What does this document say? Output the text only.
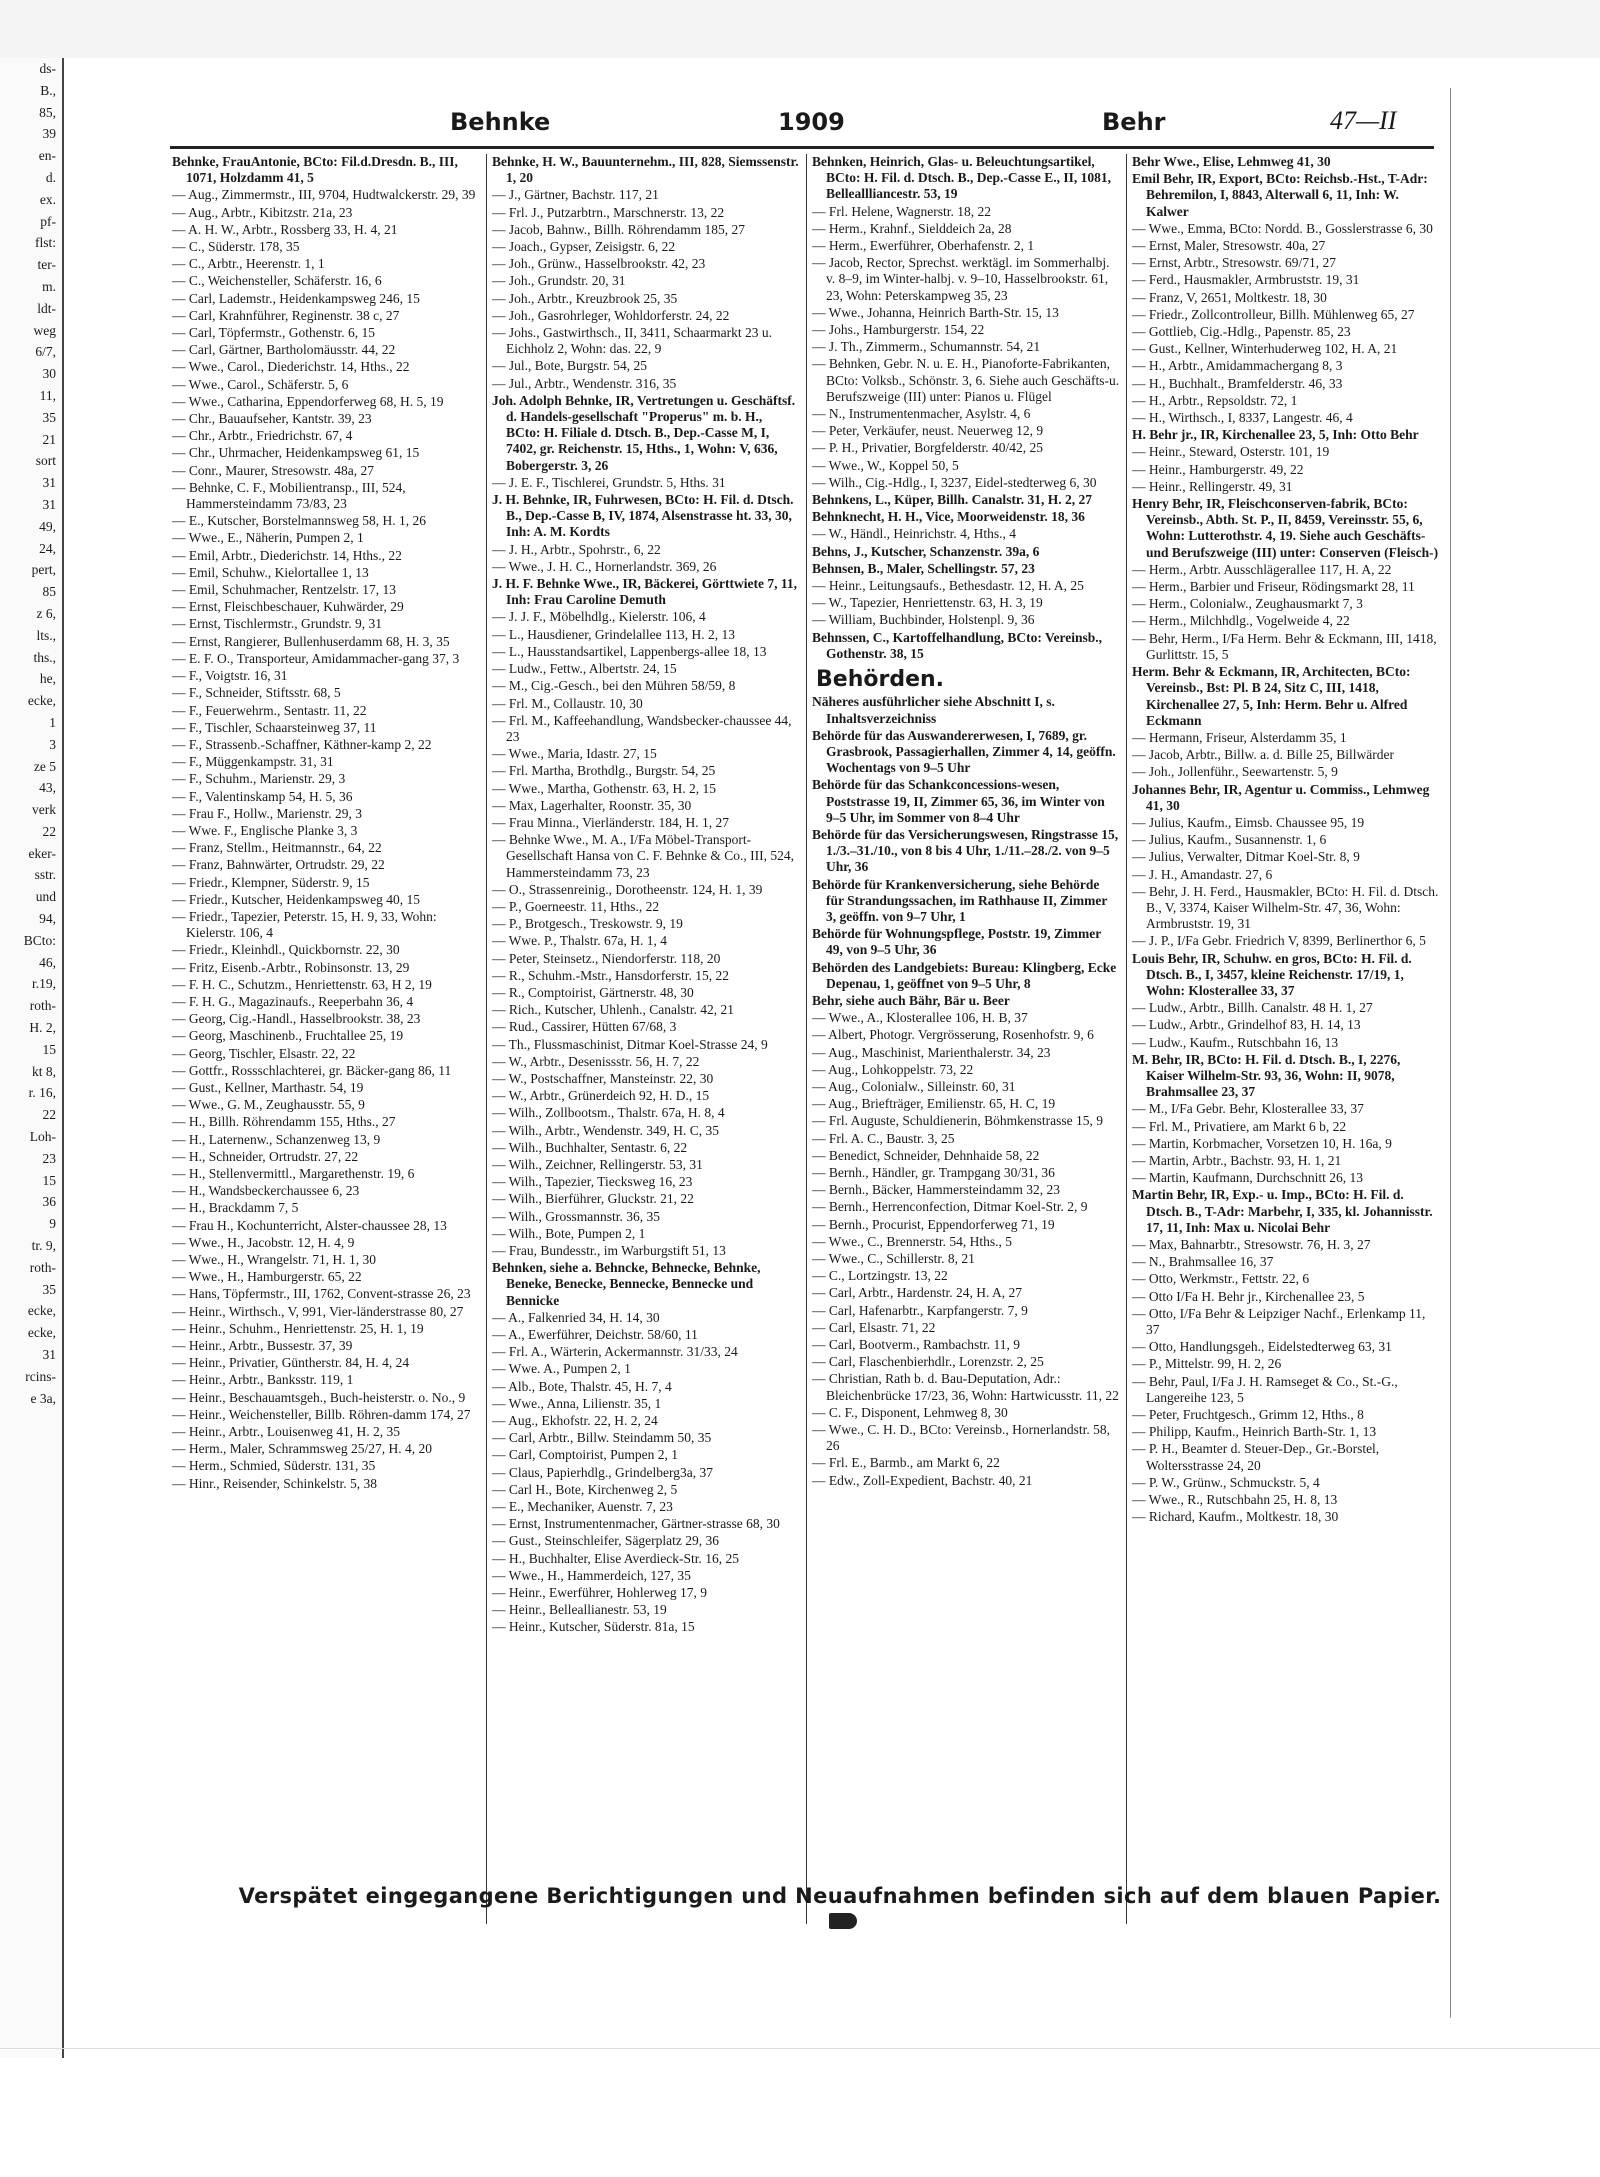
ds-
B.,
85,
39
en-
d.
ex.
pf-
flst:
ter-
m.
ldt-
weg
6/7,
30
11,
35
21
sort
31
31
49,
24,
pert,
85
z 6,
lts.,
ths.,
he,
ecke,
1
3
ze 5
43,
verk
22
eker-
sstr.
und
94,
BCto:
46,
r.19,
roth-
H. 2,
15
kt 8,
r. 16,
22
Loh-
23
15
36
9
tr. 9,
roth-
35
ecke,
ecke,
31
rcins-
e 3a,
Behnke	1909	Behr	47—II
Behnke, FrauAntonie, BCto: Fil.d.Dresdn. B., III, 1071, Holzdamm 41, 5
— Aug., Zimmermstr., III, 9704, Hudtwalckerstr. 29, 39
— Aug., Arbtr., Kibitzstr. 21a, 23
— A. H. W., Arbtr., Rossberg 33, H. 4, 21
— C., Süderstr. 178, 35
— C., Arbtr., Heerenstr. 1, 1
— C., Weichensteller, Schäferstr. 16, 6
— Carl, Lademstr., Heidenkampsweg 246, 15
— Carl, Krahnführer, Reginenstr. 38 c, 27
— Carl, Töpfermstr., Gothenstr. 6, 15
— Carl, Gärtner, Bartholomäusstr. 44, 22
— Wwe., Carol., Diederichstr. 14, Hths., 22
— Wwe., Carol., Schäferstr. 5, 6
— Wwe., Catharina, Eppendorferweg 68, H. 5, 19
— Chr., Bauaufseher, Kantstr. 39, 23
— Chr., Arbtr., Friedrichstr. 67, 4
— Chr., Uhrmacher, Heidenkampsweg 61, 15
— Conr., Maurer, Stresowstr. 48a, 27
— Behnke, C. F., Mobilientransp., III, 524, Hammersteindamm 73/83, 23
— E., Kutscher, Borstelmannsweg 58, H. 1, 26
— Wwe., E., Näherin, Pumpen 2, 1
— Emil, Arbtr., Diederichstr. 14, Hths., 22
— Emil, Schuhw., Kielortallee 1, 13
— Emil, Schuhmacher, Rentzelstr. 17, 13
— Ernst, Fleischbeschauer, Kuhwärder, 29
— Ernst, Tischlermstr., Grundstr. 9, 31
— Ernst, Rangierer, Bullenhuserdamm 68, H. 3, 35
— E. F. O., Transporteur, Amidammacher-gang 37, 3
— F., Voigtstr. 16, 31
— F., Schneider, Stiftsstr. 68, 5
— F., Feuerwehrm., Sentastr. 11, 22
— F., Tischler, Schaarsteinweg 37, 11
— F., Strassenb.-Schaffner, Käthner-kamp 2, 22
— F., Müggenkampstr. 31, 31
— F., Schuhm., Marienstr. 29, 3
— F., Valentinskamp 54, H. 5, 36
— Frau F., Hollw., Marienstr. 29, 3
— Wwe. F., Englische Planke 3, 3
— Franz, Stellm., Heitmannstr., 64, 22
— Franz, Bahnwärter, Ortrudstr. 29, 22
— Friedr., Klempner, Süderstr. 9, 15
— Friedr., Kutscher, Heidenkampsweg 40, 15
— Friedr., Tapezier, Peterstr. 15, H. 9, 33, Wohn: Kielerstr. 106, 4
— Friedr., Kleinhdl., Quickbornstr. 22, 30
— Fritz, Eisenb.-Arbtr., Robinsonstr. 13, 29
— F. H. C., Schutzm., Henriettenstr. 63, H 2, 19
— F. H. G., Magazinaufs., Reeperbahn 36, 4
— Georg, Cig.-Handl., Hasselbrookstr. 38, 23
— Georg, Maschinenb., Fruchtallee 25, 19
— Georg, Tischler, Elsastr. 22, 22
— Gottfr., Rossschlachterei, gr. Bäcker-gang 86, 11
— Gust., Kellner, Marthastr. 54, 19
— Wwe., G. M., Zeughausstr. 55, 9
— H., Billh. Röhrendamm 155, Hths., 27
— H., Laternenw., Schanzenweg 13, 9
— H., Schneider, Ortrudstr. 27, 22
— H., Stellenvermittl., Margarethenstr. 19, 6
— H., Wandsbeckerchaussee 6, 23
— H., Brackdamm 7, 5
— Frau H., Kochunterricht, Alster-chaussee 28, 13
— Wwe., H., Jacobstr. 12, H. 4, 9
— Wwe., H., Wrangelstr. 71, H. 1, 30
— Wwe., H., Hamburgerstr. 65, 22
— Hans, Töpfermstr., III, 1762, Convent-strasse 26, 23
— Heinr., Wirthsch., V, 991, Vier-länderstrasse 80, 27
— Heinr., Schuhm., Henriettenstr. 25, H. 1, 19
— Heinr., Arbtr., Bussestr. 37, 39
— Heinr., Privatier, Güntherstr. 84, H. 4, 24
— Heinr., Arbtr., Banksstr. 119, 1
— Heinr., Beschauamtsgeh., Buch-heisterstr. o. No., 9
— Heinr., Weichensteller, Billb. Röhren-damm 174, 27
— Heinr., Arbtr., Louisenweg 41, H. 2, 35
— Herm., Maler, Schrammsweg 25/27, H. 4, 20
— Herm., Schmied, Süderstr. 131, 35
— Hinr., Reisender, Schinkelstr. 5, 38
Behnke, H. W., Bauunternehm., III, 828, Siemssenstr. 1, 20
— J., Gärtner, Bachstr. 117, 21
— Frl. J., Putzarbtrn., Marschnerstr. 13, 22
— Jacob, Bahnw., Billh. Röhrendamm 185, 27
— Joach., Gypser, Zeisigstr. 6, 22
— Joh., Grünw., Hasselbrookstr. 42, 23
— Joh., Grundstr. 20, 31
— Joh., Arbtr., Kreuzbrook 25, 35
— Joh., Gasrohrleger, Wohldorferstr. 24, 22
— Johs., Gastwirthsch., II, 3411, Schaarmarkt 23 u. Eichholz 2, Wohn: das. 22, 9
— Jul., Bote, Burgstr. 54, 25
— Jul., Arbtr., Wendenstr. 316, 35
Joh. Adolph Behnke, IR, Vertretungen u. Geschäftsf. d. Handels-gesellschaft "Properus" m. b. H., BCto: H. Filiale d. Dtsch. B., Dep.-Casse M, I, 7402, gr. Reichenstr. 15, Hths., 1, Wohn: V, 636, Bobergerstr. 3, 26
— J. E. F., Tischlerei, Grundstr. 5, Hths. 31
J. H. Behnke, IR, Fuhrwesen, BCto: H. Fil. d. Dtsch. B., Dep.-Casse B, IV, 1874, Alsenstrasse ht. 33, 30, Inh: A. M. Kordts
— J. H., Arbtr., Spohrstr., 6, 22
— Wwe., J. H. C., Hornerlandstr. 369, 26
J. H. F. Behnke Wwe., IR, Bäckerei, Görttwiete 7, 11, Inh: Frau Caroline Demuth
— J. J. F., Möbelhdlg., Kielerstr. 106, 4
— L., Hausdiener, Grindelallee 113, H. 2, 13
— L., Hausstandsartikel, Lappenbergs-allee 18, 13
— Ludw., Fettw., Albertstr. 24, 15
— M., Cig.-Gesch., bei den Mühren 58/59, 8
— Frl. M., Collaustr. 10, 30
— Frl. M., Kaffeehandlung, Wandsbecker-chaussee 44, 23
— Wwe., Maria, Idastr. 27, 15
— Frl. Martha, Brothdlg., Burgstr. 54, 25
— Wwe., Martha, Gothenstr. 63, H. 2, 15
— Max, Lagerhalter, Roonstr. 35, 30
— Frau Minna., Vierländerstr. 184, H. 1, 27
— Behnke Wwe., M. A., I/Fa Möbel-Transport-Gesellschaft Hansa von C. F. Behnke & Co., III, 524, Hammersteindamm 73, 23
— O., Strassenreinig., Dorotheenstr. 124, H. 1, 39
— P., Goerneestr. 11, Hths., 22
— P., Brotgesch., Treskowstr. 9, 19
— Wwe. P., Thalstr. 67a, H. 1, 4
— Peter, Steinsetz., Niendorferstr. 118, 20
— R., Schuhm.-Mstr., Hansdorferstr. 15, 22
— R., Comptoirist, Gärtnerstr. 48, 30
— Rich., Kutscher, Uhlenh., Canalstr. 42, 21
— Rud., Cassirer, Hütten 67/68, 3
— Th., Flussmaschinist, Ditmar Koel-Strasse 24, 9
— W., Arbtr., Desenissstr. 56, H. 7, 22
— W., Postschaffner, Mansteinstr. 22, 30
— W., Arbtr., Grünerdeich 92, H. D., 15
— Wilh., Zollbootsm., Thalstr. 67a, H. 8, 4
— Wilh., Arbtr., Wendenstr. 349, H. C, 35
— Wilh., Buchhalter, Sentastr. 6, 22
— Wilh., Zeichner, Rellingerstr. 53, 31
— Wilh., Tapezier, Tiecksweg 16, 23
— Wilh., Bierführer, Gluckstr. 21, 22
— Wilh., Grossmannstr. 36, 35
— Wilh., Bote, Pumpen 2, 1
— Frau, Bundesstr., im Warburgstift 51, 13
Behnken, siehe a. Behncke, Behnecke, Behnke, Beneke, Benecke, Bennecke, Bennecke und Bennicke
— A., Falkenried 34, H. 14, 30
— A., Ewerführer, Deichstr. 58/60, 11
— Frl. A., Wärterin, Ackermannstr. 31/33, 24
— Wwe. A., Pumpen 2, 1
— Alb., Bote, Thalstr. 45, H. 7, 4
— Wwe., Anna, Lilienstr. 35, 1
— Aug., Ekhofstr. 22, H. 2, 24
— Carl, Arbtr., Billw. Steindamm 50, 35
— Carl, Comptoirist, Pumpen 2, 1
— Claus, Papierhdlg., Grindelberg3a, 37
— Carl H., Bote, Kirchenweg 2, 5
— E., Mechaniker, Auenstr. 7, 23
— Ernst, Instrumentenmacher, Gärtner-strasse 68, 30
— Gust., Steinschleifer, Sägerplatz 29, 36
— H., Buchhalter, Elise Averdieck-Str. 16, 25
— Wwe., H., Hammerdeich, 127, 35
— Heinr., Ewerführer, Hohlerweg 17, 9
— Heinr., Belleallianestr. 53, 19
— Heinr., Kutscher, Süderstr. 81a, 15
Behnken, Heinrich, Glas- u. Beleuchtungsartikel, BCto: H. Fil. d. Dtsch. B., Dep.-Casse E., II, 1081, Belleallliancestr. 53, 19
— Frl. Helene, Wagnerstr. 18, 22
— Herm., Krahnf., Sielddeich 2a, 28
— Herm., Ewerführer, Oberhafenstr. 2, 1
— Jacob, Rector, Sprechst. werktägl. im Sommerhalbj. v. 8–9, im Winter-halbj. v. 9–10, Hasselbrookstr. 61, 23, Wohn: Peterskampweg 35, 23
— Wwe., Johanna, Heinrich Barth-Str. 15, 13
— Johs., Hamburgerstr. 154, 22
— J. Th., Zimmerm., Schumannstr. 54, 21
— Behnken, Gebr. N. u. E. H., Pianoforte-Fabrikanten, BCto: Volksb., Schönstr. 3, 6. Siehe auch Geschäfts-u. Berufszweige (III) unter: Pianos u. Flügel
— N., Instrumentenmacher, Asylstr. 4, 6
— Peter, Verkäufer, neust. Neuerweg 12, 9
— P. H., Privatier, Borgfelderstr. 40/42, 25
— Wwe., W., Koppel 50, 5
— Wilh., Cig.-Hdlg., I, 3237, Eidel-stedterweg 6, 30
Behnkens, L., Küper, Billh. Canalstr. 31, H. 2, 27
Behnknecht, H. H., Vice, Moorweidenstr. 18, 36
— W., Händl., Heinrichstr. 4, Hths., 4
Behns, J., Kutscher, Schanzenstr. 39a, 6
Behnsen, B., Maler, Schellingstr. 57, 23
— Heinr., Leitungsaufs., Bethesdastr. 12, H. A, 25
— W., Tapezier, Henriettenstr. 63, H. 3, 19
— William, Buchbinder, Holstenpl. 9, 36
Behnssen, C., Kartoffelhandlung, BCto: Vereinsb., Gothenstr. 38, 15
Behörden.
Näheres ausführlicher siehe Abschnitt I, s. Inhaltsverzeichniss
Behörde für das Auswandererwesen, I, 7689, gr. Grasbrook, Passagierhallen, Zimmer 4, 14, geöffn. Wochentags von 9–5 Uhr
Behörde für das Schankconcessions-wesen, Poststrasse 19, II, Zimmer 65, 36, im Winter von 9–5 Uhr, im Sommer von 8–4 Uhr
Behörde für das Versicherungswesen, Ringstrasse 15, 1./3.–31./10., von 8 bis 4 Uhr, 1./11.–28./2. von 9–5 Uhr, 36
Behörde für Krankenversicherung, siehe Behörde für Strandungssachen, im Rathhause II, Zimmer 3, geöffn. von 9–7 Uhr, 1
Behörde für Wohnungspflege, Poststr. 19, Zimmer 49, von 9–5 Uhr, 36
Behörden des Landgebiets: Bureau: Klingberg, Ecke Depenau, 1, geöffnet von 9–5 Uhr, 8
Behr, siehe auch Bähr, Bär u. Beer
— Wwe., A., Klosterallee 106, H. B, 37
— Albert, Photogr. Vergrösserung, Rosenhofstr. 9, 6
— Aug., Maschinist, Marienthalerstr. 34, 23
— Aug., Lohkoppelstr. 73, 22
— Aug., Colonialw., Silleinstr. 60, 31
— Aug., Briefträger, Emilienstr. 65, H. C, 19
— Frl. Auguste, Schuldienerin, Böhmkenstrasse 15, 9
— Frl. A. C., Baustr. 3, 25
— Benedict, Schneider, Dehnhaide 58, 22
— Bernh., Händler, gr. Trampgang 30/31, 36
— Bernh., Bäcker, Hammersteindamm 32, 23
— Bernh., Herrenconfection, Ditmar Koel-Str. 2, 9
— Bernh., Procurist, Eppendorferweg 71, 19
— Wwe., C., Brennerstr. 54, Hths., 5
— Wwe., C., Schillerstr. 8, 21
— C., Lortzingstr. 13, 22
— Carl, Arbtr., Hardenstr. 24, H. A, 27
— Carl, Hafenarbtr., Karpfangerstr. 7, 9
— Carl, Elsastr. 71, 22
— Carl, Bootverm., Rambachstr. 11, 9
— Carl, Flaschenbierhdlr., Lorenzstr. 2, 25
— Christian, Rath b. d. Bau-Deputation, Adr.: Bleichenbrücke 17/23, 36, Wohn: Hartwicusstr. 11, 22
— C. F., Disponent, Lehmweg 8, 30
— Wwe., C. H. D., BCto: Vereinsb., Hornerlandstr. 58, 26
— Frl. E., Barmb., am Markt 6, 22
— Edw., Zoll-Expedient, Bachstr. 40, 21
Behr Wwe., Elise, Lehmweg 41, 30
Emil Behr, IR, Export, BCto: Reichsb.-Hst., T-Adr: Behremilon, I, 8843, Alterwall 6, 11, Inh: W. Kalwer
— Wwe., Emma, BCto: Nordd. B., Gosslerstrasse 6, 30
— Ernst, Maler, Stresowstr. 40a, 27
— Ernst, Arbtr., Stresowstr. 69/71, 27
— Ferd., Hausmakler, Armbruststr. 19, 31
— Franz, V, 2651, Moltkestr. 18, 30
— Friedr., Zollcontrolleur, Billh. Mühlenweg 65, 27
— Gottlieb, Cig.-Hdlg., Papenstr. 85, 23
— Gust., Kellner, Winterhuderweg 102, H. A, 21
— H., Arbtr., Amidammachergang 8, 3
— H., Buchhalt., Bramfelderstr. 46, 33
— H., Arbtr., Repsoldstr. 72, 1
— H., Wirthsch., I, 8337, Langestr. 46, 4
H. Behr jr., IR, Kirchenallee 23, 5, Inh: Otto Behr
— Heinr., Steward, Osterstr. 101, 19
— Heinr., Hamburgerstr. 49, 22
— Heinr., Rellingerstr. 49, 31
Henry Behr, IR, Fleischconserven-fabrik, BCto: Vereinsb., Abth. St. P., II, 8459, Vereinsstr. 55, 6, Wohn: Lutterothstr. 4, 19. Siehe auch Geschäfts- und Berufszweige (III) unter: Conserven (Fleisch-)
— Herm., Arbtr. Ausschlägerallee 117, H. A, 22
— Herm., Barbier und Friseur, Rödingsmarkt 28, 11
— Herm., Colonialw., Zeughausmarkt 7, 3
— Herm., Milchhdlg., Vogelweide 4, 22
— Behr, Herm., I/Fa Herm. Behr & Eckmann, III, 1418, Gurlittstr. 15, 5
Herm. Behr & Eckmann, IR, Architecten, BCto: Vereinsb., Bst: Pl. B 24, Sitz C, III, 1418, Kirchenallee 27, 5, Inh: Herm. Behr u. Alfred Eckmann
— Hermann, Friseur, Alsterdamm 35, 1
— Jacob, Arbtr., Billw. a. d. Bille 25, Billwärder
— Joh., Jollenführ., Seewartenstr. 5, 9
Johannes Behr, IR, Agentur u. Commiss., Lehmweg 41, 30
— Julius, Kaufm., Eimsb. Chaussee 95, 19
— Julius, Kaufm., Susannenstr. 1, 6
— Julius, Verwalter, Ditmar Koel-Str. 8, 9
— J. H., Amandastr. 27, 6
— Behr, J. H. Ferd., Hausmakler, BCto: H. Fil. d. Dtsch. B., V, 3374, Kaiser Wilhelm-Str. 47, 36, Wohn: Armbruststr. 19, 31
— J. P., I/Fa Gebr. Friedrich V, 8399, Berlinerthor 6, 5
Louis Behr, IR, Schuhw. en gros, BCto: H. Fil. d. Dtsch. B., I, 3457, kleine Reichenstr. 17/19, 1, Wohn: Klosterallee 33, 37
— Ludw., Arbtr., Billh. Canalstr. 48 H. 1, 27
— Ludw., Arbtr., Grindelhof 83, H. 14, 13
— Ludw., Kaufm., Rutschbahn 16, 13
M. Behr, IR, BCto: H. Fil. d. Dtsch. B., I, 2276, Kaiser Wilhelm-Str. 93, 36, Wohn: II, 9078, Brahmsallee 23, 37
— M., I/Fa Gebr. Behr, Klosterallee 33, 37
— Frl. M., Privatiere, am Markt 6 b, 22
— Martin, Korbmacher, Vorsetzen 10, H. 16a, 9
— Martin, Arbtr., Bachstr. 93, H. 1, 21
— Martin, Kaufmann, Durchschnitt 26, 13
Martin Behr, IR, Exp.- u. Imp., BCto: H. Fil. d. Dtsch. B., T-Adr: Marbehr, I, 335, kl. Johannisstr. 17, 11, Inh: Max u. Nicolai Behr
— Max, Bahnarbtr., Stresowstr. 76, H. 3, 27
— N., Brahmsallee 16, 37
— Otto, Werkmstr., Fettstr. 22, 6
— Otto I/Fa H. Behr jr., Kirchenallee 23, 5
— Otto, I/Fa Behr & Leipziger Nachf., Erlenkamp 11, 37
— Otto, Handlungsgeh., Eidelstedterweg 63, 31
— P., Mittelstr. 99, H. 2, 26
— Behr, Paul, I/Fa J. H. Ramseget & Co., St.-G., Langereihe 123, 5
— Peter, Fruchtgesch., Grimm 12, Hths., 8
— Philipp, Kaufm., Heinrich Barth-Str. 1, 13
— P. H., Beamter d. Steuer-Dep., Gr.-Borstel, Woltersstrasse 24, 20
— P. W., Grünw., Schmuckstr. 5, 4
— Wwe., R., Rutschbahn 25, H. 8, 13
— Richard, Kaufm., Moltkestr. 18, 30
Verspätet eingegangene Berichtigungen und Neuaufnahmen befinden sich auf dem blauen Papier.
